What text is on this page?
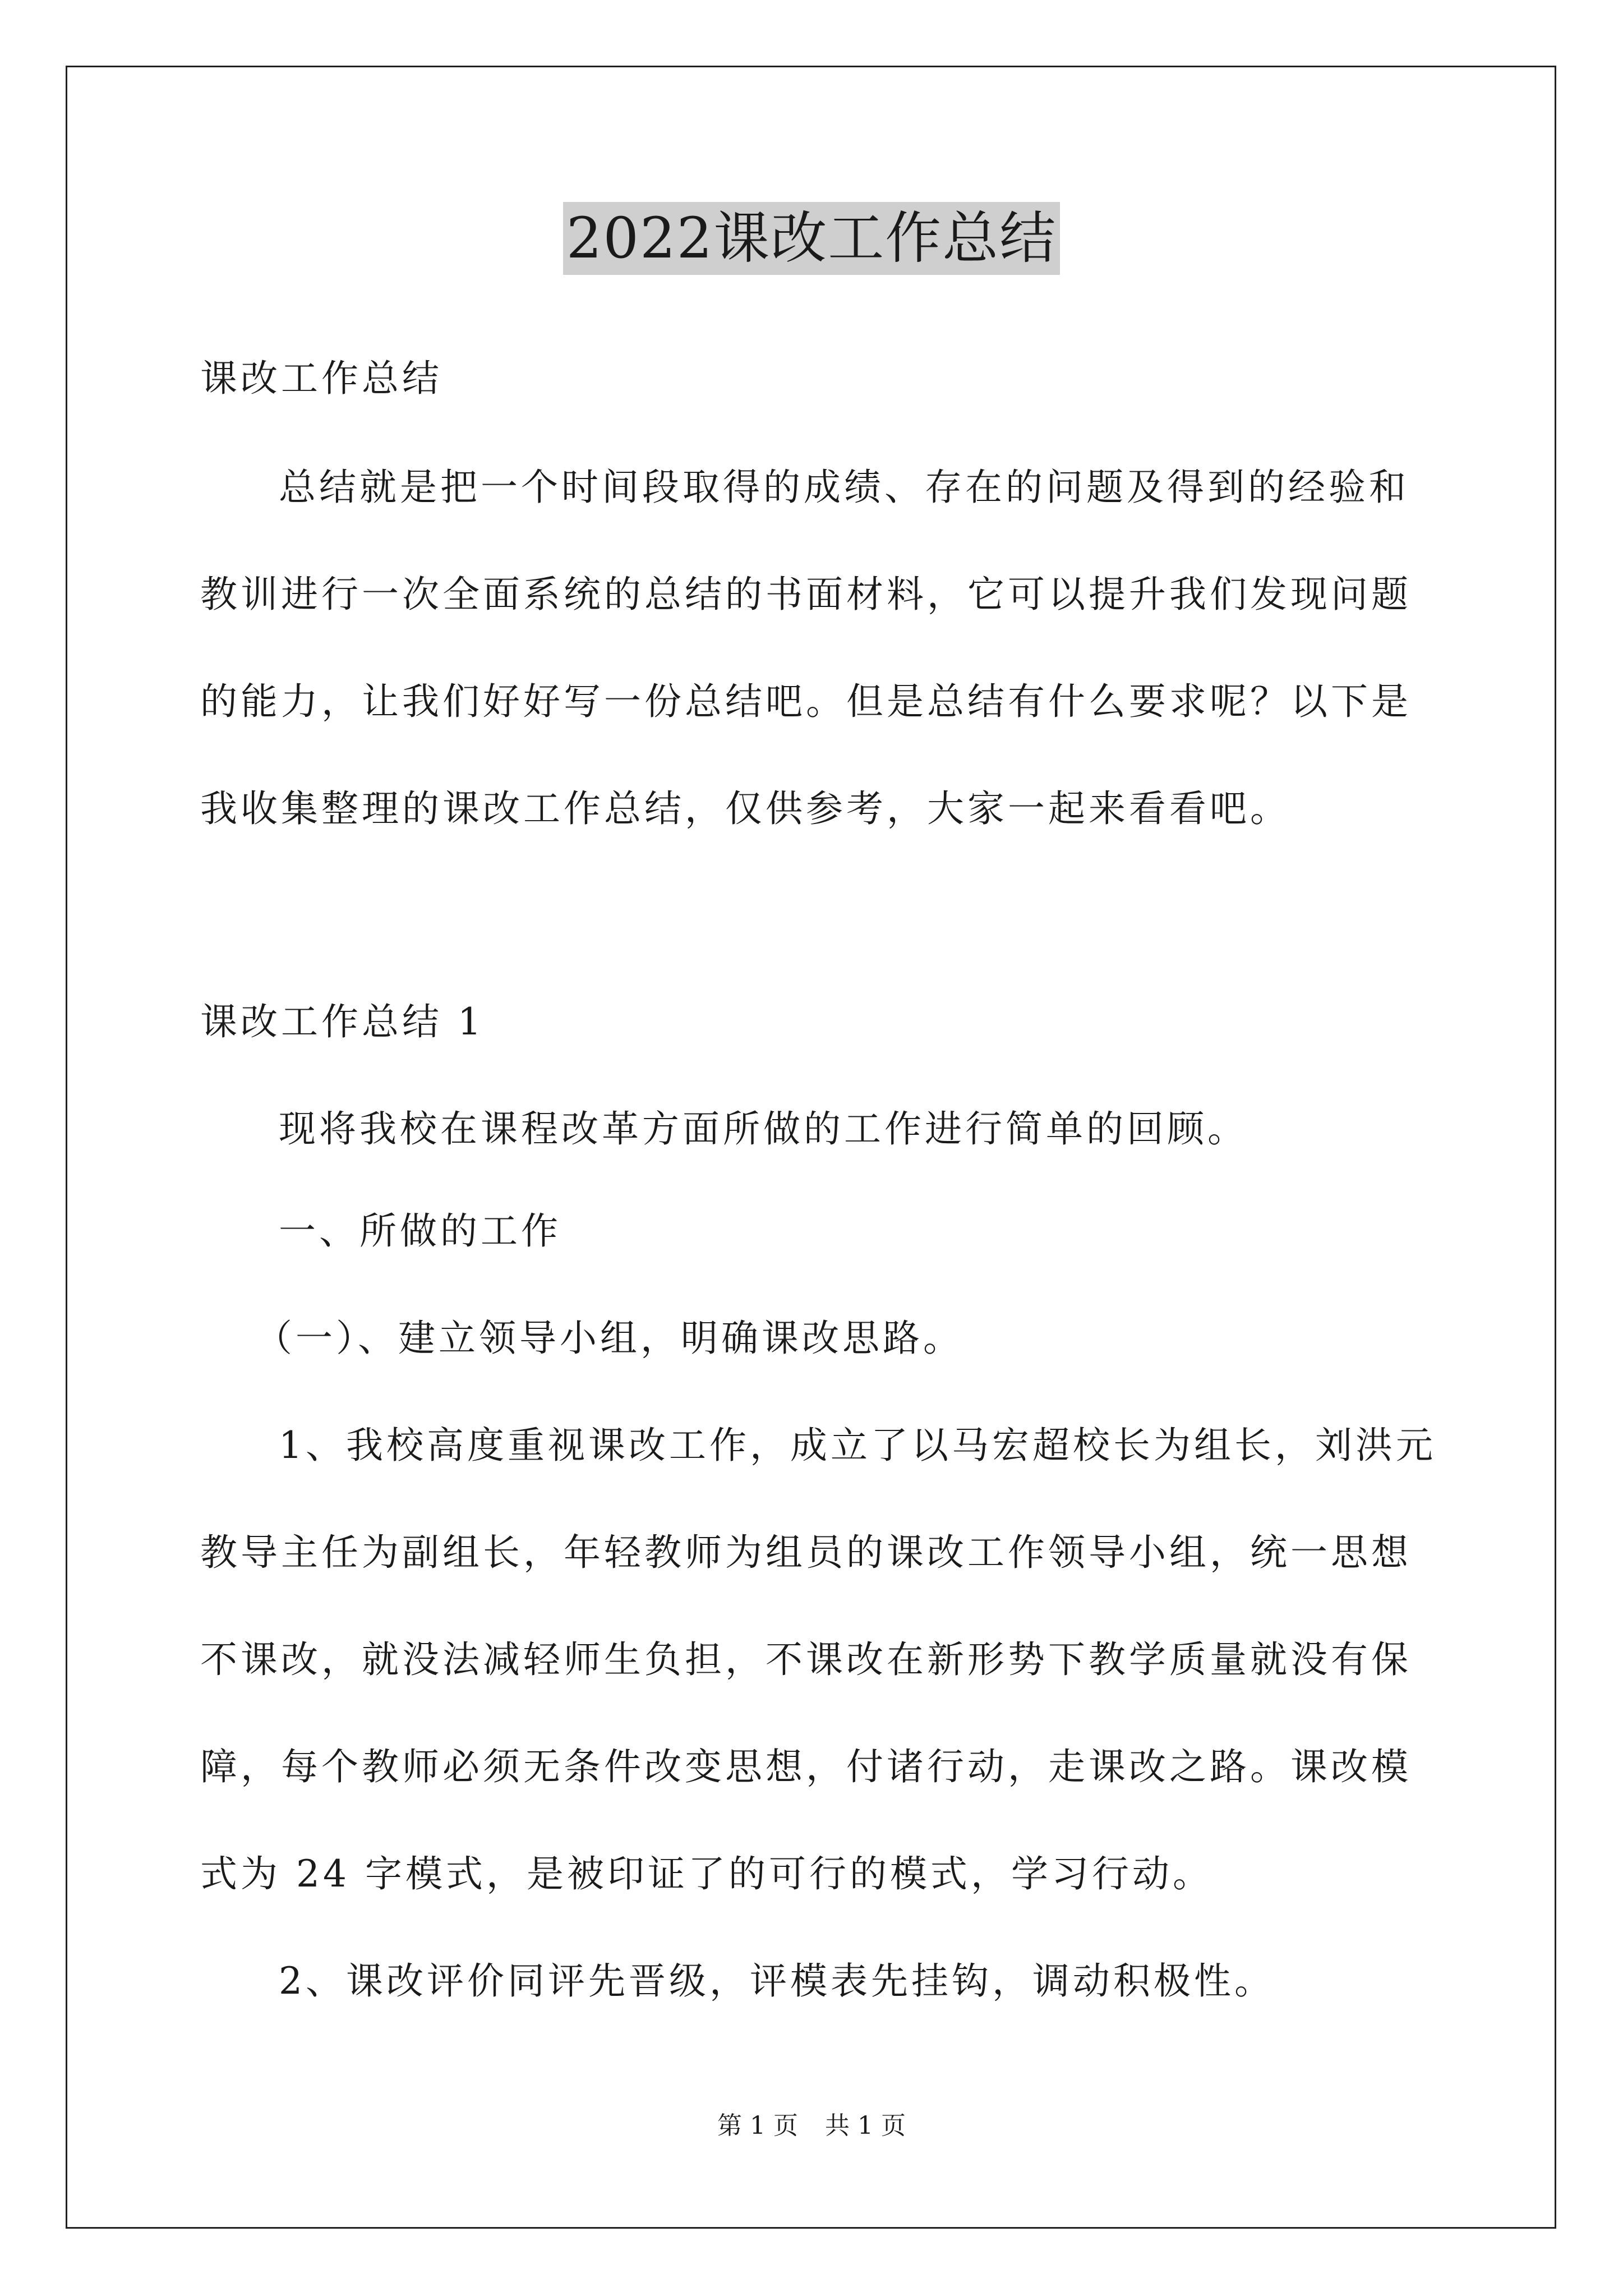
2022课改工作总结
课改工作总结
总结就是把一个时间段取得的成绩、存在的问题及得到的经验和
教训进行一次全面系统的总结的书面材料，它可以提升我们发现问题
的能力，让我们好好写一份总结吧。但是总结有什么要求呢？以下是
我收集整理的课改工作总结，仅供参考，大家一起来看看吧。
课改工作总结 1
现将我校在课程改革方面所做的工作进行简单的回顾。
一、所做的工作
（一）、建立领导小组，明确课改思路。
1、我校高度重视课改工作，成立了以马宏超校长为组长，刘洪元
教导主任为副组长，年轻教师为组员的课改工作领导小组，统一思想
不课改，就没法减轻师生负担，不课改在新形势下教学质量就没有保
障，每个教师必须无条件改变思想，付诸行动，走课改之路。课改模
式为 24 字模式，是被印证了的可行的模式，学习行动。
2、课改评价同评先晋级，评模表先挂钩，调动积极性。
第 1 页 共 1 页
